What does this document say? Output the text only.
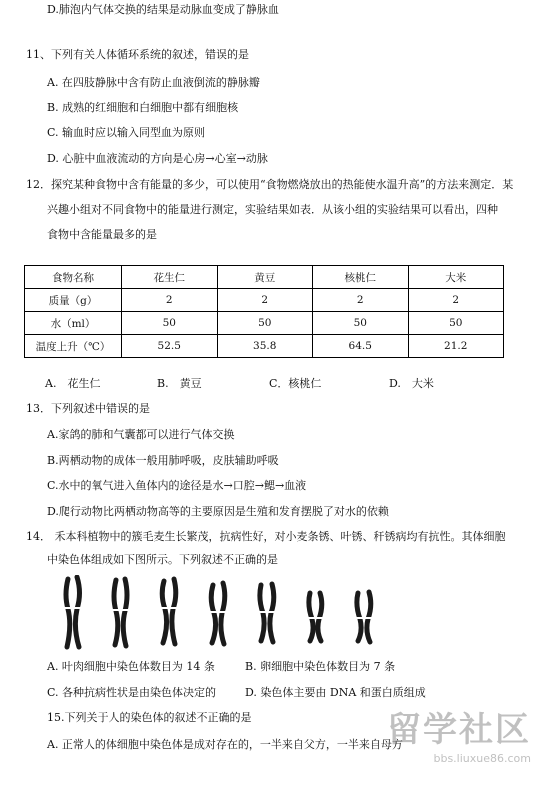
D.肺泡内气体交换的结果是动脉血变成了静脉血
11、下列有关人体循环系统的叙述，错误的是
A. 在四肢静脉中含有防止血液倒流的静脉瓣
B. 成熟的红细胞和白细胞中都有细胞核
C. 输血时应以输入同型血为原则
D. 心脏中血液流动的方向是心房→心室→动脉
12．探究某种食物中含有能量的多少，可以使用“食物燃烧放出的热能使水温升高”的方法来测定．某
兴趣小组对不同食物中的能量进行测定，实验结果如表．从该小组的实验结果可以看出，四种
食物中含能量最多的是
食物名称	花生仁	黄豆	核桃仁	大米
质量（g）	2	2	2	2
水（ml）	50	50	50	50
温度上升（℃）	52.5	35.8	64.5	21.2
A.　花生仁	B.　黄豆	C．核桃仁	D.　大米
13．下列叙述中错误的是
A.家鸽的肺和气囊都可以进行气体交换
B.两栖动物的成体一般用肺呼吸，皮肤辅助呼吸
C.水中的氧气进入鱼体内的途径是水→口腔→鳃→血液
D.爬行动物比两栖动物高等的主要原因是生殖和发育摆脱了对水的依赖
14． 禾本科植物中的簇毛麦生长繁茂，抗病性好，对小麦条锈、叶锈、秆锈病均有抗性。其体细胞
中染色体组成如下图所示。下列叙述不正确的是
A. 叶肉细胞中染色体数目为 14 条	B. 卵细胞中染色体数目为 7 条
C. 各种抗病性状是由染色体决定的	D. 染色体主要由 DNA 和蛋白质组成
15.下列关于人的染色体的叙述不正确的是
A. 正常人的体细胞中染色体是成对存在的，一半来自父方，一半来自母方
留学社区
bbs.liuxue86.com
